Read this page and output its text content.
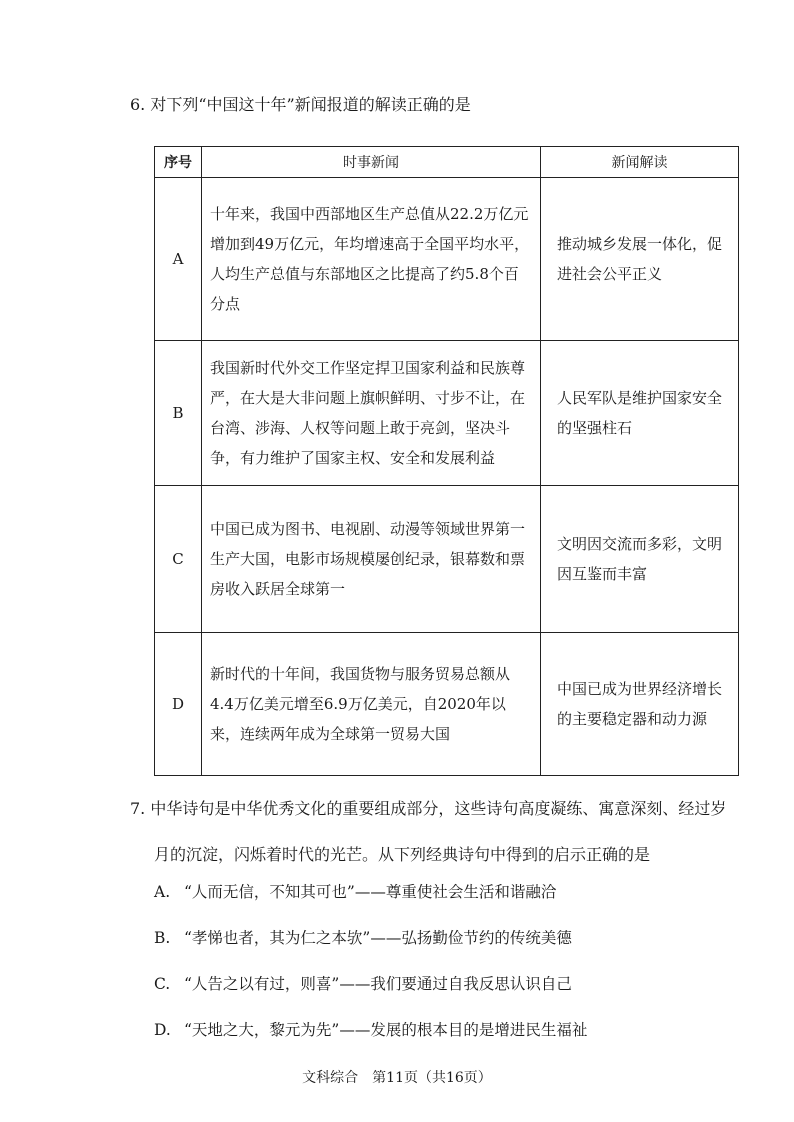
6. 对下列“中国这十年”新闻报道的解读正确的是
序号	时事新闻	新闻解读
A	十年来，我国中西部地区生产总值从22.2万亿元增加到49万亿元，年均增速高于全国平均水平，人均生产总值与东部地区之比提高了约5.8个百分点	推动城乡发展一体化，促进社会公平正义
B	我国新时代外交工作坚定捍卫国家利益和民族尊严，在大是大非问题上旗帜鲜明、寸步不让，在台湾、涉海、人权等问题上敢于亮剑，坚决斗争，有力维护了国家主权、安全和发展利益	人民军队是维护国家安全的坚强柱石
C	中国已成为图书、电视剧、动漫等领域世界第一生产大国，电影市场规模屡创纪录，银幕数和票房收入跃居全球第一	文明因交流而多彩，文明因互鉴而丰富
D	新时代的十年间，我国货物与服务贸易总额从4.4万亿美元增至6.9万亿美元，自2020年以来，连续两年成为全球第一贸易大国	中国已成为世界经济增长的主要稳定器和动力源
7. 中华诗句是中华优秀文化的重要组成部分，这些诗句高度凝练、寓意深刻、经过岁
月的沉淀，闪烁着时代的光芒。从下列经典诗句中得到的启示正确的是
A. “人而无信，不知其可也”——尊重使社会生活和谐融洽
B. “孝悌也者，其为仁之本欤”——弘扬勤俭节约的传统美德
C. “人告之以有过，则喜”——我们要通过自我反思认识自己
D. “天地之大，黎元为先”——发展的根本目的是增进民生福祉
文科综合　第11页（共16页）
